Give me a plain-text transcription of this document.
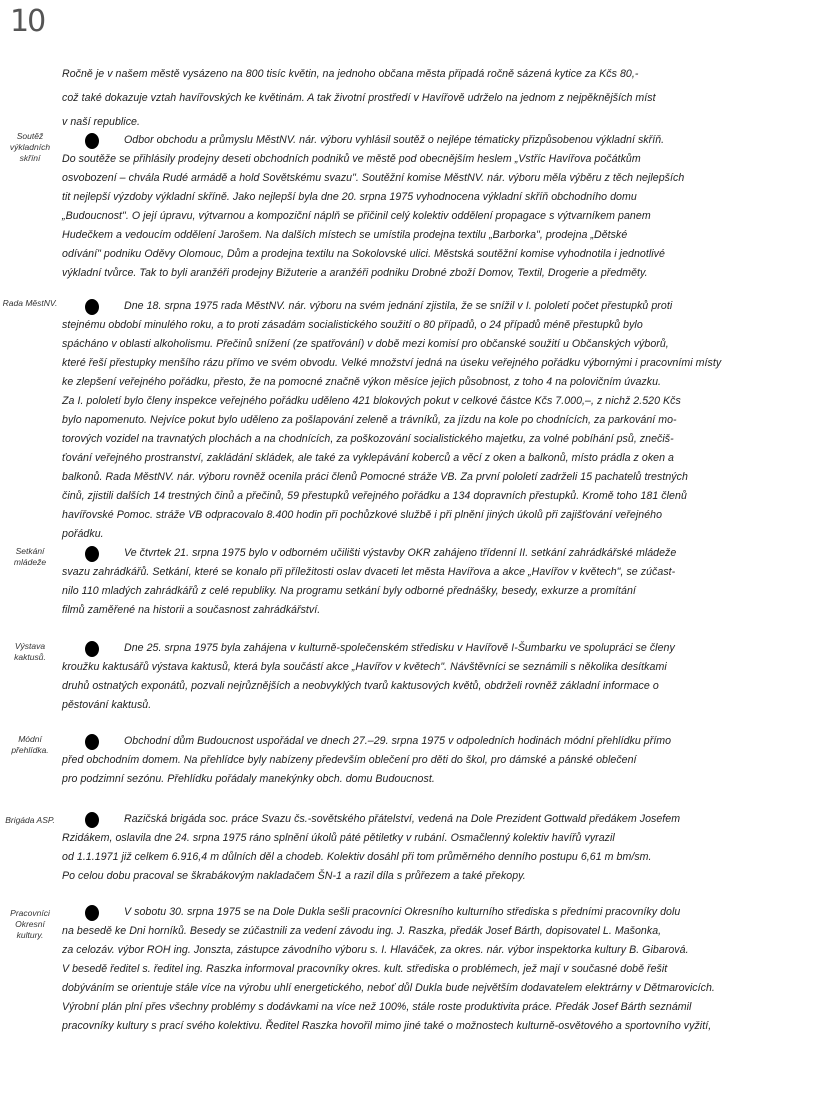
10
Ročně je v našem městě vysázeno na 800 tisíc květin, na jednoho občana města připadá ročně sázená kytice za Kčs 80,-
což také dokazuje vztah havířovských ke květinám. A tak životní prostředí v Havířově udrželo na jednom z nejpěknějších míst
v naší republice.
Soutěž výkladních skříní
Odbor obchodu a průmyslu MěstNV. nár. výboru vyhlásil soutěž o nejlépe tématicky přizpůsobenou výkladní skříň.
Do soutěže se přihlásily prodejny deseti obchodních podniků ve městě pod obecnějším heslem „Vstříc Havířova počátkům
osvobození – chvála Rudé armádě a hold Sovětskému svazu". Soutěžní komise MěstNV. nár. výboru měla výběru z těch nejlepších
tit nejlepší výzdoby výkladní skříně. Jako nejlepší byla dne 20. srpna 1975 vyhodnocena výkladní skříň obchodního domu
„Budoucnost". O její úpravu, výtvarnou a kompoziční náplň se přičinil celý kolektiv oddělení propagace s výtvarníkem panem
Hudečkem a vedoucím oddělení Jarošem. Na dalších místech se umístila prodejna textilu „Barborka", prodejna „Dětské
odívání" podniku Oděvy Olomouc, Dům a prodejna textilu na Sokolovské ulici. Městská soutěžní komise vyhodnotila i jednotlivé
výkladní tvůrce. Tak to byli aranžéři prodejny Bižuterie a aranžéři podniku Drobné zboží Domov, Textil, Drogerie a předměty.
Rada MěstNV.	Dne 18. srpna 1975 rada MěstNV. nár. výboru na svém jednání zjistila, že se snížil v I. pololetí počet přestupků proti
stejnému období minulého roku, a to proti zásadám socialistického soužití o 80 případů, o 24 případů méně přestupků bylo
spácháno v oblasti alkoholismu. Přečinů snížení (ze spatřování) v době mezi komisí pro občanské soužití u Občanských výborů,
které řeší přestupky menšího rázu přímo ve svém obvodu. Velké množství jedná na úseku veřejného pořádku výbornými i pracovními místy
ke zlepšení veřejného pořádku, přesto, že na pomocné značně výkon měsíce jejich působnost, z toho 4 na polovičním úvazku.
Za I. pololetí bylo členy inspekce veřejného pořádku uděleno 421 blokových pokut v celkové částce Kčs 7.000,–, z nichž 2.520 Kčs
bylo napomenuto. Nejvíce pokut bylo uděleno za pošlapování zeleně a trávníků, za jízdu na kole po chodnících, za parkování mo-
torových vozidel na travnatých plochách a na chodnících, za poškozování socialistického majetku, za volné pobíhání psů, znečiš-
ťování veřejného prostranství, zakládání skládek, ale také za vyklepávání koberců a věcí z oken a balkonů, místo prádla z oken a
balkonů. Rada MěstNV. nár. výboru rovněž ocenila práci členů Pomocné stráže VB. Za první pololetí zadrželi 15 pachatelů trestných
činů, zjistili dalších 14 trestných činů a přečinů, 59 přestupků veřejného pořádku a 134 dopravních přestupků. Kromě toho 181 členů
havířovské Pomoc. stráže VB odpracovalo 8.400 hodin při pochůzkové službě i při plnění jiných úkolů při zajišťování veřejného
pořádku.
Setkání mládeže
Ve čtvrtek 21. srpna 1975 bylo v odborném učilišti výstavby OKR zahájeno třídenní II. setkání zahrádkářské mládeže
svazu zahrádkářů. Setkání, které se konalo při příležitosti oslav dvaceti let města Havířova a akce „Havířov v květech", se zúčast-
nilo 110 mladých zahrádkářů z celé republiky. Na programu setkání byly odborné přednášky, besedy, exkurze a promítání
filmů zaměřené na historii a současnost zahrádkářství.
Výstava kaktusů.
Dne 25. srpna 1975 byla zahájena v kulturně-společenském středisku v Havířově I-Šumbarku ve spolupráci se členy
kroužku kaktusářů výstava kaktusů, která byla součástí akce „Havířov v květech". Návštěvníci se seznámili s několika desítkami
druhů ostnatých exponátů, pozvali nejrůznějších a neobvyklých tvarů kaktusových květů, obdrželi rovněž základní informace o
pěstování kaktusů.
Módní přehlídka.
Obchodní dům Budoucnost uspořádal ve dnech 27.–29. srpna 1975 v odpoledních hodinách módní přehlídku přímo
před obchodním domem. Na přehlídce byly nabízeny především oblečení pro děti do škol, pro dámské a pánské oblečení
pro podzimní sezónu. Přehlídku pořádaly manekýnky obch. domu Budoucnost.
Brigáda ASP.	Razičská brigáda soc. práce Svazu čs.-sovětského přátelství, vedená na Dole Prezident Gottwald předákem Josefem
Rzidákem, oslavila dne 24. srpna 1975 ráno splnění úkolů páté pětiletky v rubání. Osmačlenný kolektiv havířů vyrazil
od 1.1.1971 již celkem 6.916,4 m důlních děl a chodeb. Kolektiv dosáhl při tom průměrného denního postupu 6,61 m bm/sm.
Po celou dobu pracoval se škrabákovým nakladačem ŠN-1 a razil díla s průřezem a také překopy.
Pracovníci Okresní kultury.
V sobotu 30. srpna 1975 se na Dole Dukla sešli pracovníci Okresního kulturního střediska s předními pracovníky dolu
na besedě ke Dni horníků. Besedy se zúčastnili za vedení závodu ing. J. Raszka, předák Josef Bárth, dopisovatel L. Mašonka,
za celozáv. výbor ROH ing. Jonszta, zástupce závodního výboru s. I. Hlaváček, za okres. nár. výbor inspektorka kultury B. Gibarová.
V besedě ředitel s. ředitel ing. Raszka informoval pracovníky okres. kult. střediska o problémech, jež mají v současné době řešit
dobýváním se orientuje stále více na výrobu uhlí energetického, neboť důl Dukla bude největším dodavatelem elektrárny v Dětmarovicích.
Výrobní plán plní přes všechny problémy s dodávkami na více než 100%, stále roste produktivita práce. Předák Josef Bárth seznámil
pracovníky kultury s prací svého kolektivu. Ředitel Raszka hovořil mimo jiné také o možnostech kulturně-osvětového a sportovního vyžití,
